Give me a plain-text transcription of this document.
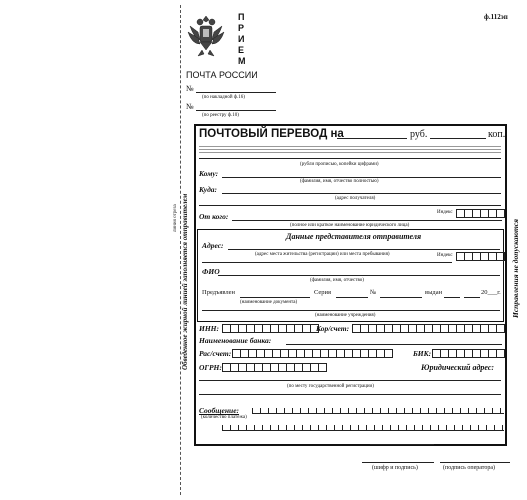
П Р И Е М
ф.112эп
ПОЧТА РОССИИ
№
(по накладной ф.16)
№
(по реестру ф.10)
линия отреза Обведенное жирной линией заполняется отправителем	Исправления не допускаются
ПОЧТОВЫЙ ПЕРЕВОД на	руб.	коп.
(рубли прописью, копейки цифрами)
Кому:
(фамилия, имя, отчество полностью)
Куда:
(адрес получателя)
Индекс
От кого:
(полное или краткое наименование юридического лица)
Данные представителя отправителя
Адрес:
(адрес места жительства (регистрации) или места пребывания)	Индекс
ФИО
(фамилия, имя, отчество)
Предъявлен	Серия	№	выдан	20___г.
(наименование документа)
(наименование учреждения)
ИНН:	Кор/счет:
Наименование банка:
Рас/счет:	БИК:
ОГРН:	Юридический адрес:
(по месту государственной регистрации)
Сообщение:
(количество платежа)
(шифр и подпись)	(подпись оператора)
